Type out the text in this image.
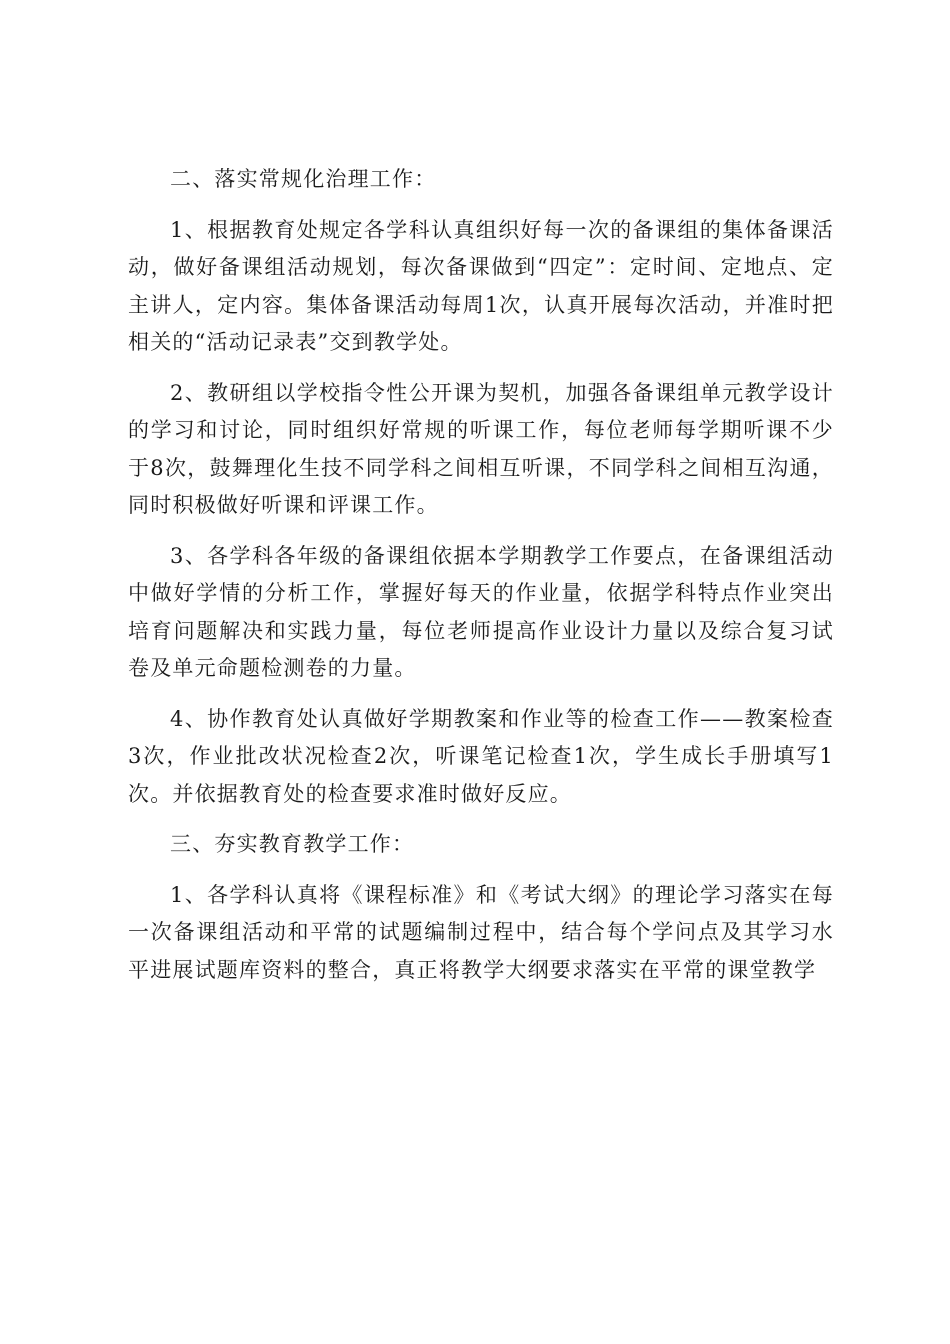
二、落实常规化治理工作：

1、根据教育处规定各学科认真组织好每一次的备课组的集体备课活动，做好备课组活动规划，每次备课做到“四定”：定时间、定地点、定主讲人，定内容。集体备课活动每周1次，认真开展每次活动，并准时把相关的“活动记录表”交到教学处。

2、教研组以学校指令性公开课为契机，加强各备课组单元教学设计的学习和讨论，同时组织好常规的听课工作，每位老师每学期听课不少于8次，鼓舞理化生技不同学科之间相互听课，不同学科之间相互沟通，同时积极做好听课和评课工作。

3、各学科各年级的备课组依据本学期教学工作要点，在备课组活动中做好学情的分析工作，掌握好每天的作业量，依据学科特点作业突出培育问题解决和实践力量，每位老师提高作业设计力量以及综合复习试卷及单元命题检测卷的力量。

4、协作教育处认真做好学期教案和作业等的检查工作——教案检查3次，作业批改状况检查2次，听课笔记检查1次，学生成长手册填写1次。并依据教育处的检查要求准时做好反应。

三、夯实教育教学工作：

1、各学科认真将《课程标准》和《考试大纲》的理论学习落实在每一次备课组活动和平常的试题编制过程中，结合每个学问点及其学习水平进展试题库资料的整合，真正将教学大纲要求落实在平常的课堂教学
